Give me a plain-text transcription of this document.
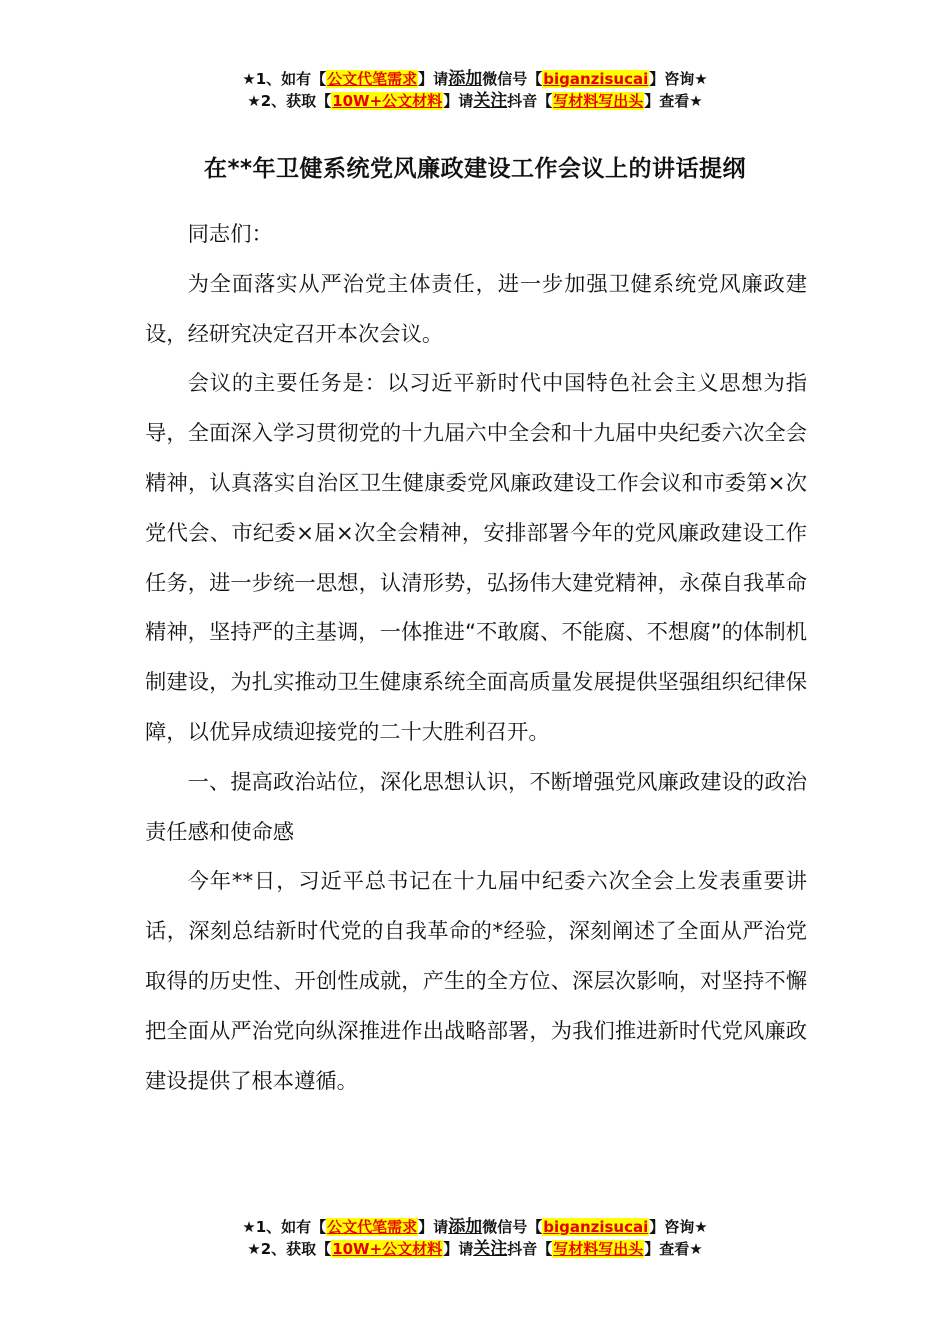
★1、如有【公文代笔需求】请添加微信号【biganzisucai】咨询★
★2、获取【10W+公文材料】请关注抖音【写材料写出头】查看★
在**年卫健系统党风廉政建设工作会议上的讲话提纲

同志们：

为全面落实从严治党主体责任，进一步加强卫健系统党风廉政建设，经研究决定召开本次会议。

会议的主要任务是：以习近平新时代中国特色社会主义思想为指导，全面深入学习贯彻党的十九届六中全会和十九届中央纪委六次全会精神，认真落实自治区卫生健康委党风廉政建设工作会议和市委第×次党代会、市纪委×届×次全会精神，安排部署今年的党风廉政建设工作任务，进一步统一思想，认清形势，弘扬伟大建党精神，永葆自我革命精神，坚持严的主基调，一体推进“不敢腐、不能腐、不想腐”的体制机制建设，为扎实推动卫生健康系统全面高质量发展提供坚强组织纪律保障，以优异成绩迎接党的二十大胜利召开。

一、提高政治站位，深化思想认识，不断增强党风廉政建设的政治责任感和使命感

今年**日，习近平总书记在十九届中纪委六次全会上发表重要讲话，深刻总结新时代党的自我革命的*经验，深刻阐述了全面从严治党取得的历史性、开创性成就，产生的全方位、深层次影响，对坚持不懈把全面从严治党向纵深推进作出战略部署，为我们推进新时代党风廉政建设提供了根本遵循。

★1、如有【公文代笔需求】请添加微信号【biganzisucai】咨询★
★2、获取【10W+公文材料】请关注抖音【写材料写出头】查看★
